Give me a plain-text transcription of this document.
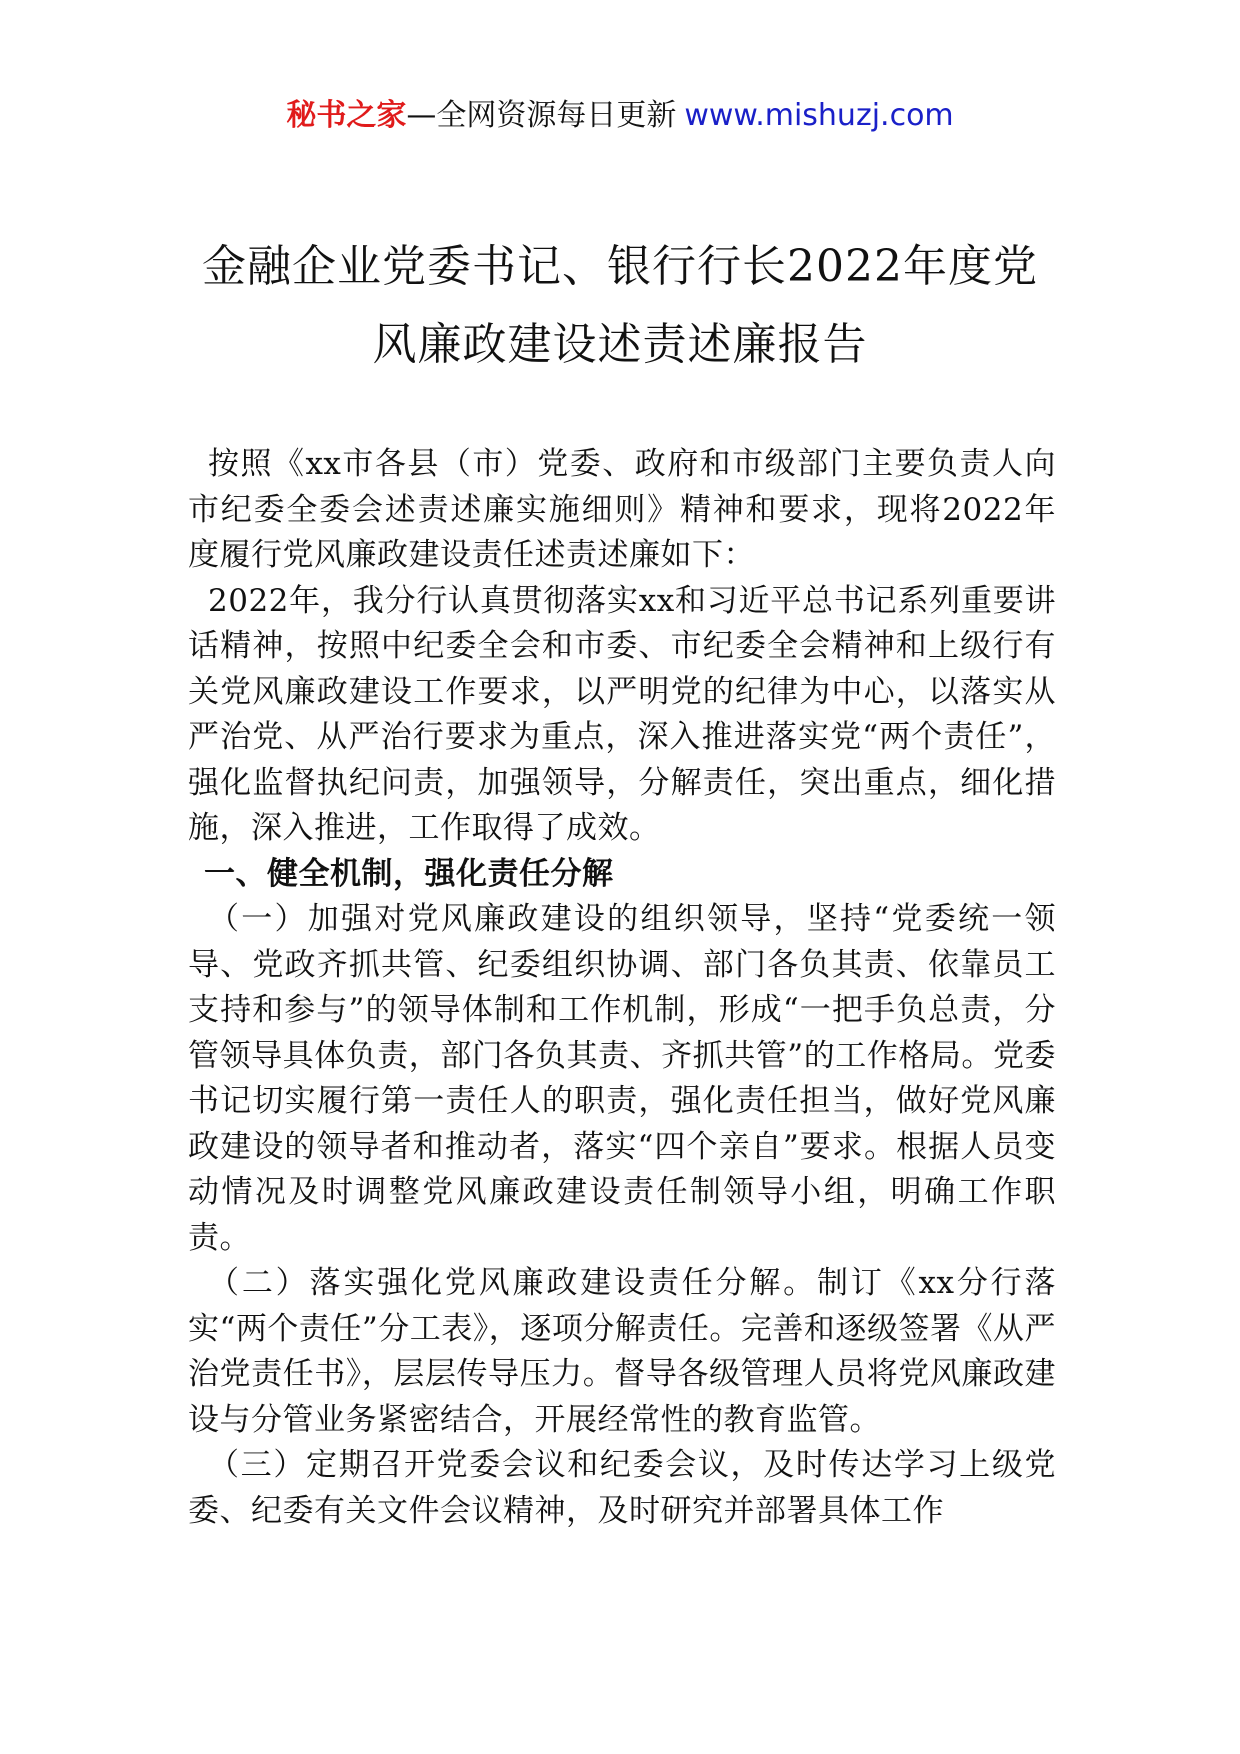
秘书之家—全网资源每日更新 www.mishuzj.com
金融企业党委书记、银行行长2022年度党
风廉政建设述责述廉报告

按照《xx市各县（市）党委、政府和市级部门主要负责人向市纪委全委会述责述廉实施细则》精神和要求，现将2022年度履行党风廉政建设责任述责述廉如下：

2022年，我分行认真贯彻落实xx和习近平总书记系列重要讲话精神，按照中纪委全会和市委、市纪委全会精神和上级行有关党风廉政建设工作要求，以严明党的纪律为中心，以落实从严治党、从严治行要求为重点，深入推进落实党“两个责任”，强化监督执纪问责，加强领导，分解责任，突出重点，细化措施，深入推进，工作取得了成效。

一、健全机制，强化责任分解

（一）加强对党风廉政建设的组织领导，坚持“党委统一领导、党政齐抓共管、纪委组织协调、部门各负其责、依靠员工支持和参与”的领导体制和工作机制，形成“一把手负总责，分管领导具体负责，部门各负其责、齐抓共管”的工作格局。党委书记切实履行第一责任人的职责，强化责任担当，做好党风廉政建设的领导者和推动者，落实“四个亲自”要求。根据人员变动情况及时调整党风廉政建设责任制领导小组，明确工作职责。

（二）落实强化党风廉政建设责任分解。制订《xx分行落实“两个责任”分工表》，逐项分解责任。完善和逐级签署《从严治党责任书》，层层传导压力。督导各级管理人员将党风廉政建设与分管业务紧密结合，开展经常性的教育监管。

（三）定期召开党委会议和纪委会议，及时传达学习上级党委、纪委有关文件会议精神，及时研究并部署具体工作
